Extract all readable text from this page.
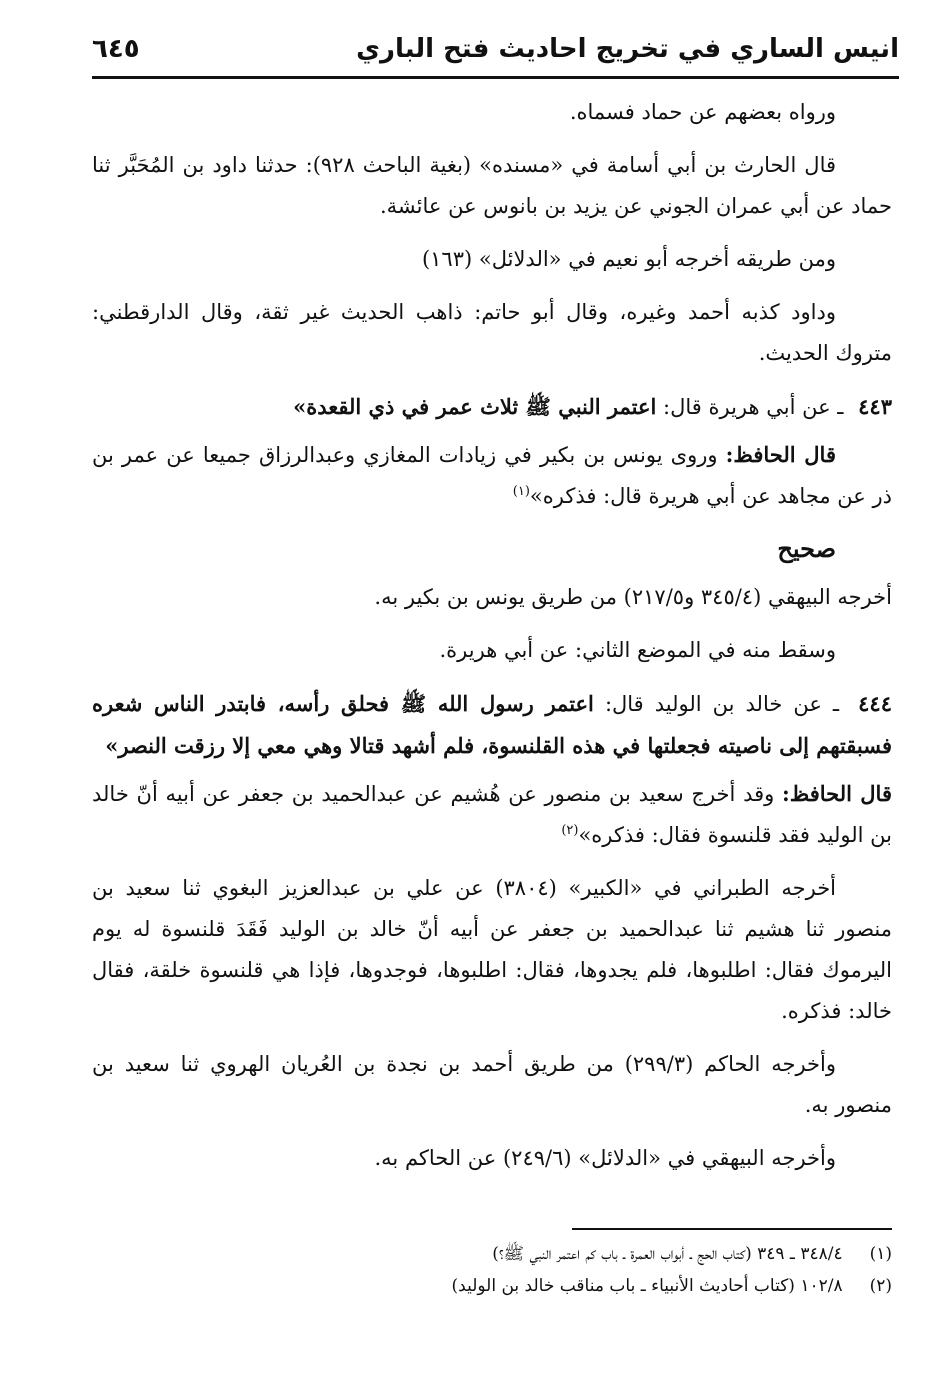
انيس الساري في تخريج احاديث فتح الباري
٦٤٥

ورواه بعضهم عن حماد فسماه.

قال الحارث بن أبي أسامة في «مسنده» (بغية الباحث ٩٢٨): حدثنا داود بن المُحَبَّر ثنا حماد عن أبي عمران الجوني عن يزيد بن بانوس عن عائشة.

ومن طريقه أخرجه أبو نعيم في «الدلائل» (١٦٣)

وداود كذبه أحمد وغيره، وقال أبو حاتم: ذاهب الحديث غير ثقة، وقال الدارقطني: متروك الحديث.

٤٤٣ ـ عن أبي هريرة قال: اعتمر النبي ﷺ ثلاث عمر في ذي القعدة»

قال الحافظ: وروى يونس بن بكير في زيادات المغازي وعبدالرزاق جميعا عن عمر بن ذر عن مجاهد عن أبي هريرة قال: فذكره»$^{(١)}$

صحيح

أخرجه البيهقي (٣٤٥/٤ و٢١٧/٥) من طريق يونس بن بكير به.

وسقط منه في الموضع الثاني: عن أبي هريرة.

٤٤٤ ـ عن خالد بن الوليد قال: اعتمر رسول الله ﷺ فحلق رأسه، فابتدر الناس شعره فسبقتهم إلى ناصيته فجعلتها في هذه القلنسوة، فلم أشهد قتالا وهي معي إلا رزقت النصر»

قال الحافظ: وقد أخرج سعيد بن منصور عن هُشيم عن عبدالحميد بن جعفر عن أبيه أنّ خالد بن الوليد فقد قلنسوة فقال: فذكره»$^{(٢)}$

أخرجه الطبراني في «الكبير» (٣٨٠٤) عن علي بن عبدالعزيز البغوي ثنا سعيد بن منصور ثنا هشيم ثنا عبدالحميد بن جعفر عن أبيه أنّ خالد بن الوليد فَقَدَ قلنسوة له يوم اليرموك فقال: اطلبوها، فلم يجدوها، فقال: اطلبوها، فوجدوها، فإذا هي قلنسوة خلقة، فقال خالد: فذكره.

وأخرجه الحاكم (٢٩٩/٣) من طريق أحمد بن نجدة بن العُريان الهروي ثنا سعيد بن منصور به.

وأخرجه البيهقي في «الدلائل» (٢٤٩/٦) عن الحاكم به.

(١) ٣٤٨/٤ ـ ٣٤٩ (كتاب الحج ـ أبواب العمرة ـ باب كم اعتمر النبي ﷺ؟)
(٢) ١٠٢/٨ (كتاب أحاديث الأنبياء ـ باب مناقب خالد بن الوليد)
